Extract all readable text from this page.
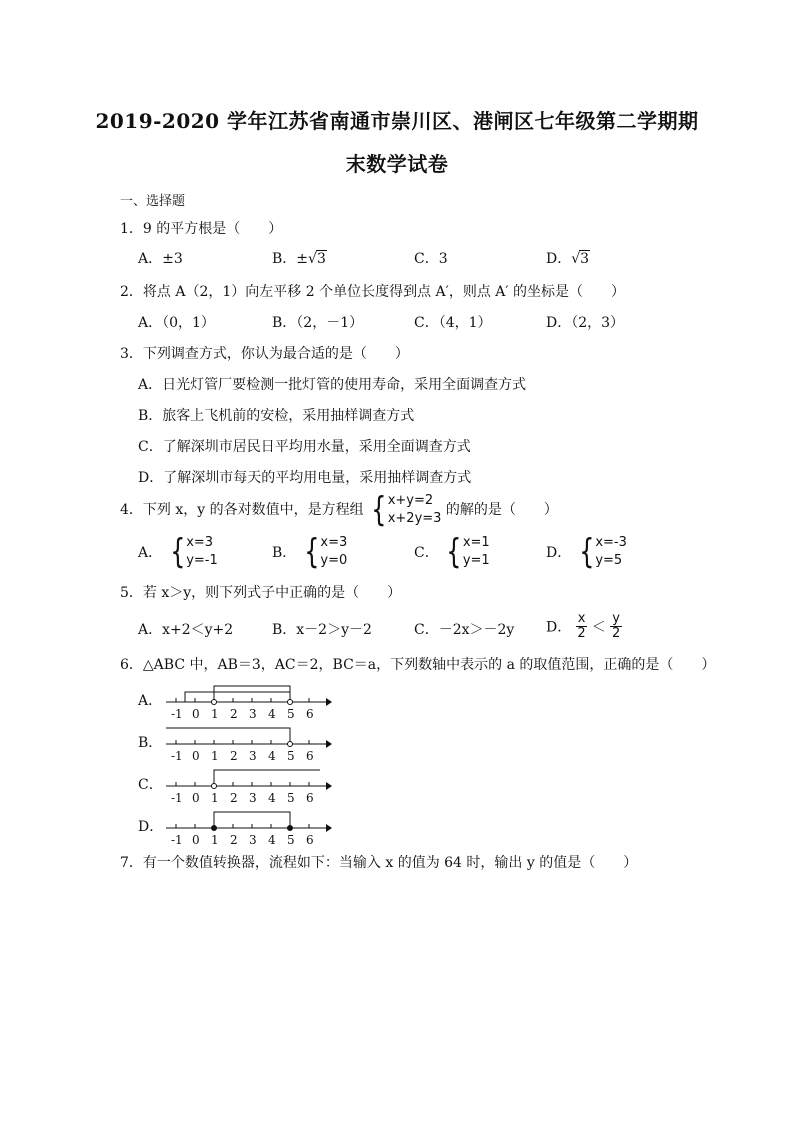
2019-2020 学年江苏省南通市崇川区、港闸区七年级第二学期期
末数学试卷
一、选择题
1．9 的平方根是（　　）
A．±3	B．±√3	C．3	D．√3
2．将点 A（2，1）向左平移 2 个单位长度得到点 A′，则点 A′ 的坐标是（　　）
A．（0，1）	B．（2，－1）	C．（4，1）	D．（2，3）
3．下列调查方式，你认为最合适的是（　　）
A．日光灯管厂要检测一批灯管的使用寿命，采用全面调查方式
B．旅客上飞机前的安检，采用抽样调查方式
C．了解深圳市居民日平均用水量，采用全面调查方式
D．了解深圳市每天的平均用电量，采用抽样调查方式
4．下列 x，y 的各对数值中，是方程组 { x+y=2
x+2y=3
的解的是（　　）
A． { x=3
y=-1	B． { x=3
y=0	C． { x=1
y=1	D． { x=-3
y=5
5．若 x＞y，则下列式子中正确的是（　　）
A．x+2＜y+2	B．x－2＞y－2	C．－2x＞－2y D． $\frac{x}{2} < \frac{y}{2}$
6．△ABC 中，AB＝3，AC＝2，BC＝a，下列数轴中表示的 a 的取值范围，正确的是（　　）
A．
-1 0 1 2 3 4 5 6
B．
-1 0 1 2 3 4 5 6
C．
-1 0 1 2 3 4 5 6
D．
-1 0 1 2 3 4 5 6
7．有一个数值转换器，流程如下：当输入 x 的值为 64 时，输出 y 的值是（　　）
